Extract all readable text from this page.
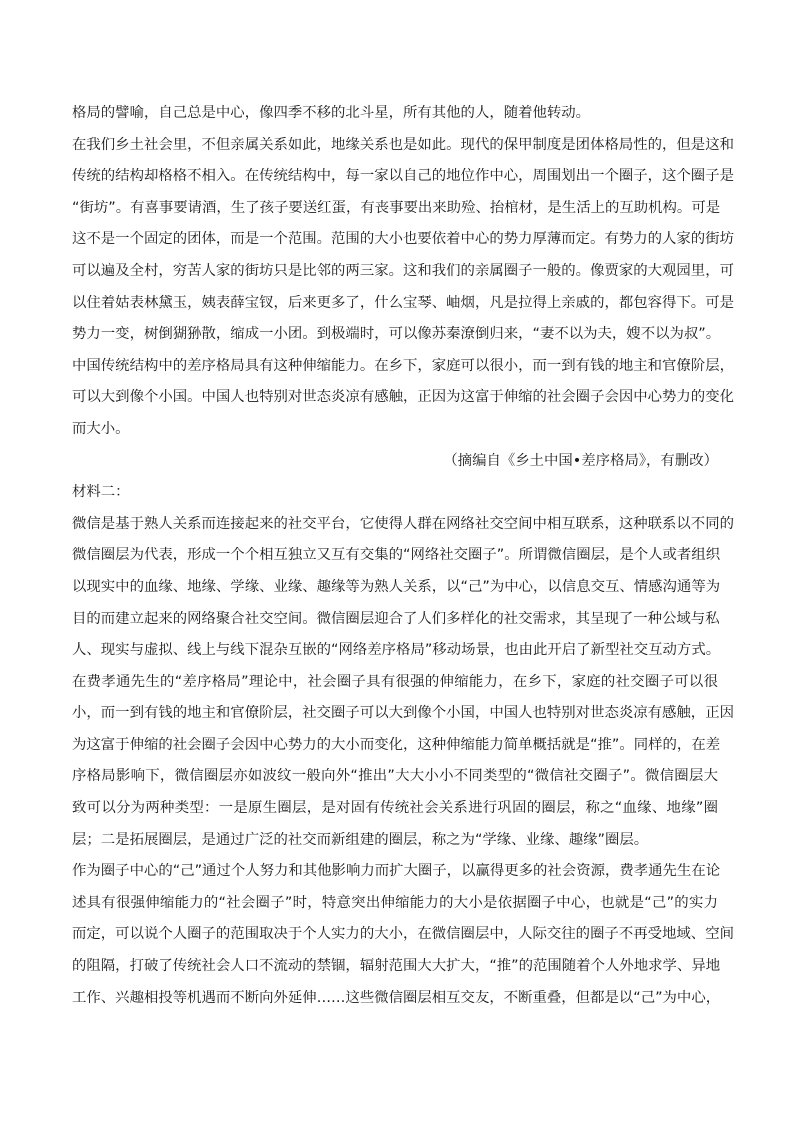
格局的譬喻，自己总是中心，像四季不移的北斗星，所有其他的人，随着他转动。
在我们乡土社会里，不但亲属关系如此，地缘关系也是如此。现代的保甲制度是团体格局性的，但是这和
传统的结构却格格不相入。在传统结构中，每一家以自己的地位作中心，周围划出一个圈子，这个圈子是
“街坊”。有喜事要请酒，生了孩子要送红蛋，有丧事要出来助殓、抬棺材，是生活上的互助机构。可是
这不是一个固定的团体，而是一个范围。范围的大小也要依着中心的势力厚薄而定。有势力的人家的街坊
可以遍及全村，穷苦人家的街坊只是比邻的两三家。这和我们的亲属圈子一般的。像贾家的大观园里，可
以住着姑表林黛玉，姨表薛宝钗，后来更多了，什么宝琴、岫烟，凡是拉得上亲戚的，都包容得下。可是
势力一变，树倒猢狲散，缩成一小团。到极端时，可以像苏秦潦倒归来，“妻不以为夫，嫂不以为叔”。
中国传统结构中的差序格局具有这种伸缩能力。在乡下，家庭可以很小，而一到有钱的地主和官僚阶层，
可以大到像个小国。中国人也特别对世态炎凉有感触，正因为这富于伸缩的社会圈子会因中心势力的变化
而大小。
（摘编自《乡土中国•差序格局》，有删改）
材料二：
微信是基于熟人关系而连接起来的社交平台，它使得人群在网络社交空间中相互联系，这种联系以不同的
微信圈层为代表，形成一个个相互独立又互有交集的“网络社交圈子”。所谓微信圈层，是个人或者组织
以现实中的血缘、地缘、学缘、业缘、趣缘等为熟人关系，以“己”为中心，以信息交互、情感沟通等为
目的而建立起来的网络聚合社交空间。微信圈层迎合了人们多样化的社交需求，其呈现了一种公域与私
人、现实与虚拟、线上与线下混杂互嵌的“网络差序格局”移动场景，也由此开启了新型社交互动方式。
在费孝通先生的“差序格局”理论中，社会圈子具有很强的伸缩能力，在乡下，家庭的社交圈子可以很
小，而一到有钱的地主和官僚阶层，社交圈子可以大到像个小国，中国人也特别对世态炎凉有感触，正因
为这富于伸缩的社会圈子会因中心势力的大小而变化，这种伸缩能力简单概括就是“推”。同样的，在差
序格局影响下，微信圈层亦如波纹一般向外“推出”大大小小不同类型的“微信社交圈子”。微信圈层大
致可以分为两种类型：一是原生圈层，是对固有传统社会关系进行巩固的圈层，称之“血缘、地缘”圈
层；二是拓展圈层，是通过广泛的社交而新组建的圈层，称之为“学缘、业缘、趣缘”圈层。
作为圈子中心的“己”通过个人努力和其他影响力而扩大圈子，以赢得更多的社会资源，费孝通先生在论
述具有很强伸缩能力的“社会圈子”时，特意突出伸缩能力的大小是依据圈子中心，也就是“己”的实力
而定，可以说个人圈子的范围取决于个人实力的大小，在微信圈层中，人际交往的圈子不再受地域、空间
的阻隔，打破了传统社会人口不流动的禁锢，辐射范围大大扩大，“推”的范围随着个人外地求学、异地
工作、兴趣相投等机遇而不断向外延伸……这些微信圈层相互交友，不断重叠，但都是以“己”为中心，
